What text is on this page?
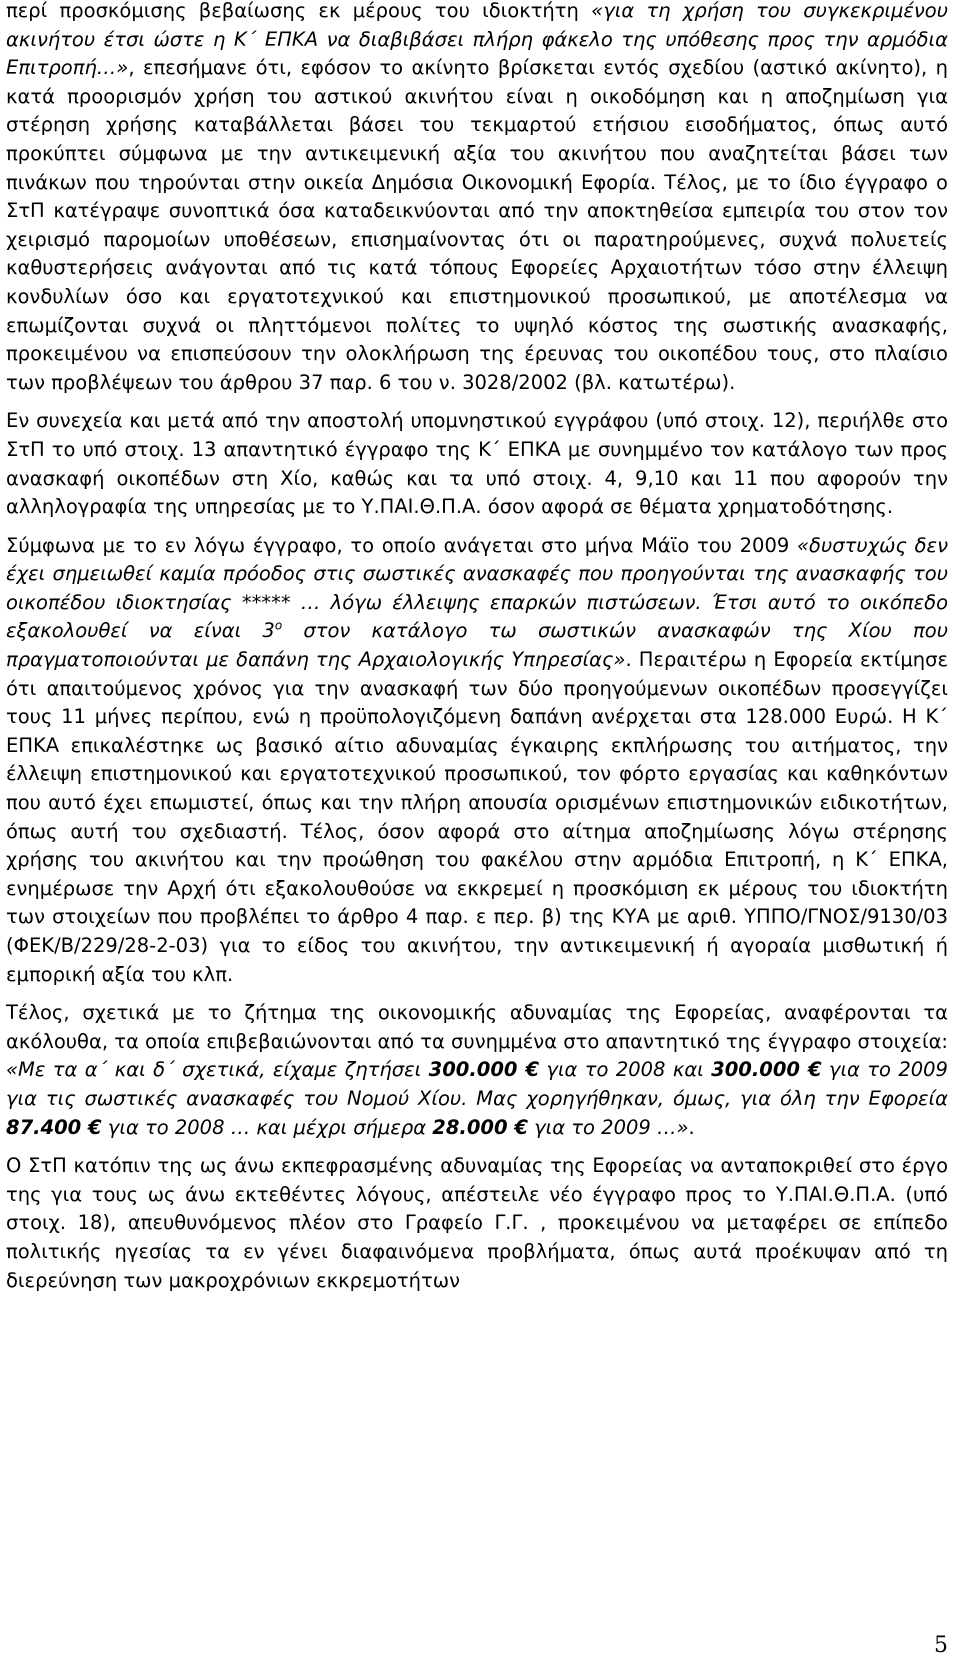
περί προσκόμισης βεβαίωσης εκ μέρους του ιδιοκτήτη «για τη χρήση του συγκεκριμένου ακινήτου έτσι ώστε η Κ΄ ΕΠΚΑ να διαβιβάσει πλήρη φάκελο της υπόθεσης προς την αρμόδια Επιτροπή…», επεσήμανε ότι, εφόσον το ακίνητο βρίσκεται εντός σχεδίου (αστικό ακίνητο), η κατά προορισμόν χρήση του αστικού ακινήτου είναι η οικοδόμηση και η αποζημίωση για στέρηση χρήσης καταβάλλεται βάσει του τεκμαρτού ετήσιου εισοδήματος, όπως αυτό προκύπτει σύμφωνα με την αντικειμενική αξία του ακινήτου που αναζητείται βάσει των πινάκων που τηρούνται στην οικεία Δημόσια Οικονομική Εφορία. Τέλος, με το ίδιο έγγραφο ο ΣτΠ κατέγραψε συνοπτικά όσα καταδεικνύονται από την αποκτηθείσα εμπειρία του στον τον χειρισμό παρομοίων υποθέσεων, επισημαίνοντας ότι οι παρατηρούμενες, συχνά πολυετείς καθυστερήσεις ανάγονται από τις κατά τόπους Εφορείες Αρχαιοτήτων τόσο στην έλλειψη κονδυλίων όσο και εργατοτεχνικού και επιστημονικού προσωπικού, με αποτέλεσμα να επωμίζονται συχνά οι πληττόμενοι πολίτες το υψηλό κόστος της σωστικής ανασκαφής, προκειμένου να επισπεύσουν την ολοκλήρωση της έρευνας του οικοπέδου τους, στο πλαίσιο των προβλέψεων του άρθρου 37 παρ. 6 του ν. 3028/2002 (βλ. κατωτέρω).

Εν συνεχεία και μετά από την αποστολή υπομνηστικού εγγράφου (υπό στοιχ. 12), περιήλθε στο ΣτΠ το υπό στοιχ. 13 απαντητικό έγγραφο της Κ΄ ΕΠΚΑ με συνημμένο τον κατάλογο των προς ανασκαφή οικοπέδων στη Χίο, καθώς και τα υπό στοιχ. 4, 9,10 και 11 που αφορούν την αλληλογραφία της υπηρεσίας με το Υ.ΠΑΙ.Θ.Π.Α. όσον αφορά σε θέματα χρηματοδότησης.

Σύμφωνα με το εν λόγω έγγραφο, το οποίο ανάγεται στο μήνα Μάϊο του 2009 «δυστυχώς δεν έχει σημειωθεί καμία πρόοδος στις σωστικές ανασκαφές που προηγούνται της ανασκαφής του οικοπέδου ιδιοκτησίας ***** … λόγω έλλειψης επαρκών πιστώσεων. Έτσι αυτό το οικόπεδο εξακολουθεί να είναι $3^o$ στον κατάλογο τω σωστικών ανασκαφών της Χίου που πραγματοποιούνται με δαπάνη της Αρχαιολογικής Υπηρεσίας». Περαιτέρω η Εφορεία εκτίμησε ότι απαιτούμενος χρόνος για την ανασκαφή των δύο προηγούμενων οικοπέδων προσεγγίζει τους 11 μήνες περίπου, ενώ η προϋπολογιζόμενη δαπάνη ανέρχεται στα 128.000 Ευρώ. Η Κ΄ ΕΠΚΑ επικαλέστηκε ως βασικό αίτιο αδυναμίας έγκαιρης εκπλήρωσης του αιτήματος, την έλλειψη επιστημονικού και εργατοτεχνικού προσωπικού, τον φόρτο εργασίας και καθηκόντων που αυτό έχει επωμιστεί, όπως και την πλήρη απουσία ορισμένων επιστημονικών ειδικοτήτων, όπως αυτή του σχεδιαστή. Τέλος, όσον αφορά στο αίτημα αποζημίωσης λόγω στέρησης χρήσης του ακινήτου και την προώθηση του φακέλου στην αρμόδια Επιτροπή, η Κ΄ ΕΠΚΑ, ενημέρωσε την Αρχή ότι εξακολουθούσε να εκκρεμεί η προσκόμιση εκ μέρους του ιδιοκτήτη των στοιχείων που προβλέπει το άρθρο 4 παρ. ε περ. β) της ΚΥΑ με αριθ. ΥΠΠΟ/ΓΝΟΣ/9130/03 (ΦΕΚ/Β/229/28-2-03) για το είδος του ακινήτου, την αντικειμενική ή αγοραία μισθωτική ή εμπορική αξία του κλπ.

Τέλος, σχετικά με το ζήτημα της οικονομικής αδυναμίας της Εφορείας, αναφέρονται τα ακόλουθα, τα οποία επιβεβαιώνονται από τα συνημμένα στο απαντητικό της έγγραφο στοιχεία: «Με τα α΄ και δ΄ σχετικά, είχαμε ζητήσει 300.000 € για το 2008 και 300.000 € για το 2009 για τις σωστικές ανασκαφές του Νομού Χίου. Μας χορηγήθηκαν, όμως, για όλη την Εφορεία 87.400 € για το 2008 … και μέχρι σήμερα 28.000 € για το 2009 …».

Ο ΣτΠ κατόπιν της ως άνω εκπεφρασμένης αδυναμίας της Εφορείας να ανταποκριθεί στο έργο της για τους ως άνω εκτεθέντες λόγους, απέστειλε νέο έγγραφο προς το Υ.ΠΑΙ.Θ.Π.Α. (υπό στοιχ. 18), απευθυνόμενος πλέον στο Γραφείο Γ.Γ. , προκειμένου να μεταφέρει σε επίπεδο πολιτικής ηγεσίας τα εν γένει διαφαινόμενα προβλήματα, όπως αυτά προέκυψαν από τη διερεύνηση των μακροχρόνιων εκκρεμοτήτων

5
